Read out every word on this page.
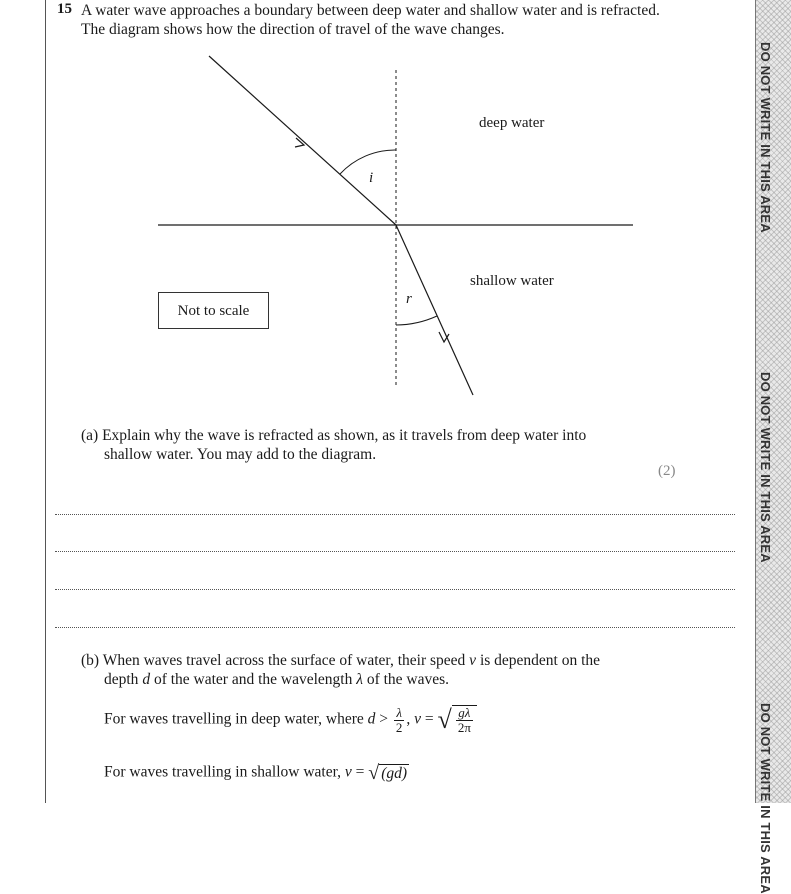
DO NOT WRITE IN THIS AREA
DO NOT WRITE IN THIS AREA
DO NOT WRITE IN THIS AREA
15 A water wave approaches a boundary between deep water and shallow water and is refracted. The diagram shows how the direction of travel of the wave changes.
deep water
shallow water
i
r
Not to scale
(a) Explain why the wave is refracted as shown, as it travels from deep water into
shallow water. You may add to the diagram.
(2)
(b) When waves travel across the surface of water, their speed v is dependent on the
depth d of the water and the wavelength λ of the waves.
For waves travelling in deep water, where $d > \frac{\lambda}{2}$ , v = √ $\frac{g\lambda}{2\pi}$
For waves travelling in shallow water, v = √ (gd)
